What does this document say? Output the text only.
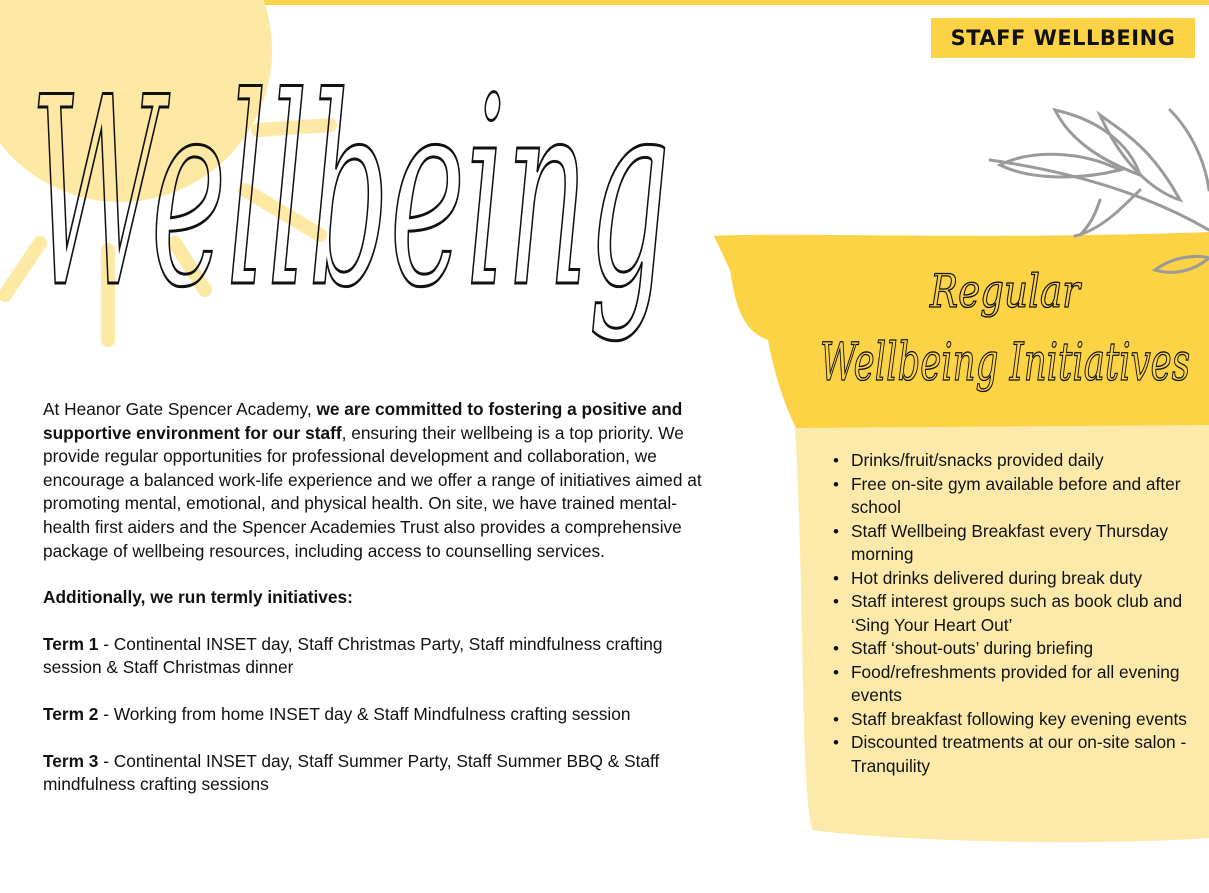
STAFF WELLBEING
Wellbeing

At Heanor Gate Spencer Academy, we are committed to fostering a positive and supportive environment for our staff, ensuring their wellbeing is a top priority. We provide regular opportunities for professional development and collaboration, we encourage a balanced work-life experience and we offer a range of initiatives aimed at promoting mental, emotional, and physical health. On site, we have trained mental-health first aiders and the Spencer Academies Trust also provides a comprehensive package of wellbeing resources, including access to counselling services.

Additionally, we run termly initiatives:

Term 1 - Continental INSET day, Staff Christmas Party, Staff mindfulness crafting session & Staff Christmas dinner

Term 2 - Working from home INSET day & Staff Mindfulness crafting session

Term 3 - Continental INSET day, Staff Summer Party, Staff Summer BBQ & Staff mindfulness crafting sessions

Regular
Wellbeing Initiatives
• Drinks/fruit/snacks provided daily
• Free on-site gym available before and after school
• Staff Wellbeing Breakfast every Thursday morning
• Hot drinks delivered during break duty
• Staff interest groups such as book club and ‘Sing Your Heart Out’
• Staff ‘shout-outs’ during briefing
• Food/refreshments provided for all evening events
• Staff breakfast following key evening events
• Discounted treatments at our on-site salon - Tranquility
